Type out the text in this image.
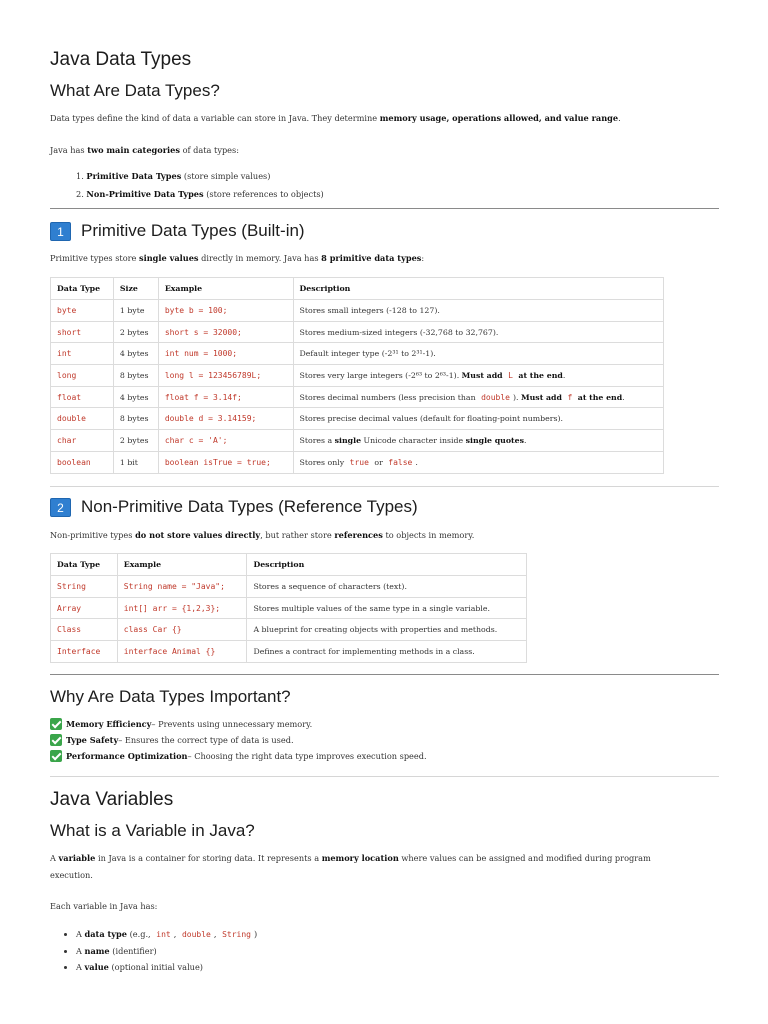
Java Data Types
What Are Data Types?

Data types define the kind of data a variable can store in Java. They determine memory usage, operations allowed, and value range.

Java has two main categories of data types:

1. Primitive Data Types (store simple values)
2. Non-Primitive Data Types (store references to objects)
1	Primitive Data Types (Built-in)

Primitive types store single values directly in memory. Java has 8 primitive data types:

Data Type	Size	Example	Description
byte	1 byte	byte b = 100;	Stores small integers (-128 to 127).
short	2 bytes	short s = 32000;	Stores medium-sized integers (-32,768 to 32,767).
int	4 bytes	int num = 1000;	Default integer type (-2³¹ to 2³¹-1).
long	8 bytes	long l = 123456789L;	Stores very large integers (-2⁶³ to 2⁶³-1). Must add L at the end.
float	4 bytes	float f = 3.14f;	Stores decimal numbers (less precision than double ). Must add f at the end.
double	8 bytes	double d = 3.14159;	Stores precise decimal values (default for floating-point numbers).
char	2 bytes	char c = 'A';	Stores a single Unicode character inside single quotes.
boolean	1 bit	boolean isTrue = true;	Stores only true or false .
2	Non-Primitive Data Types (Reference Types)

Non-primitive types do not store values directly, but rather store references to objects in memory.

Data Type	Example	Description
String	String name = "Java";	Stores a sequence of characters (text).
Array	int[] arr = {1,2,3};	Stores multiple values of the same type in a single variable.
Class	class Car {}	A blueprint for creating objects with properties and methods.
Interface	interface Animal {}	Defines a contract for implementing methods in a class.
Why Are Data Types Important?
Memory Efficiency – Prevents using unnecessary memory.
Type Safety – Ensures the correct type of data is used.
Performance Optimization – Choosing the right data type improves execution speed.
Java Variables
What is a Variable in Java?
A variable in Java is a container for storing data. It represents a memory location where values can be assigned and modified during program
execution.

Each variable in Java has:

• A data type (e.g., int , double , String )
• A name (identifier)
• A value (optional initial value)
